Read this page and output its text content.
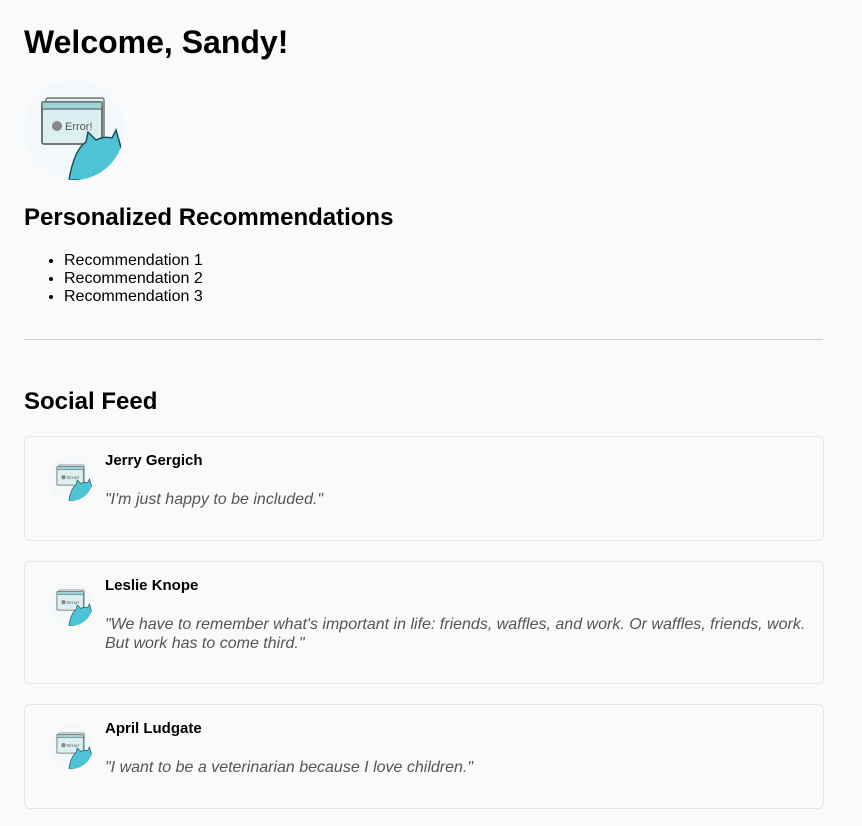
Welcome, Sandy!
Error!
Personalized Recommendations
• Recommendation 1
• Recommendation 2
• Recommendation 3
Social Feed
Jerry Gergich
"I'm just happy to be included."
Leslie Knope
"We have to remember what's important in life: friends, waffles, and work. Or waffles, friends, work. But work has to come third."
April Ludgate
"I want to be a veterinarian because I love children."
